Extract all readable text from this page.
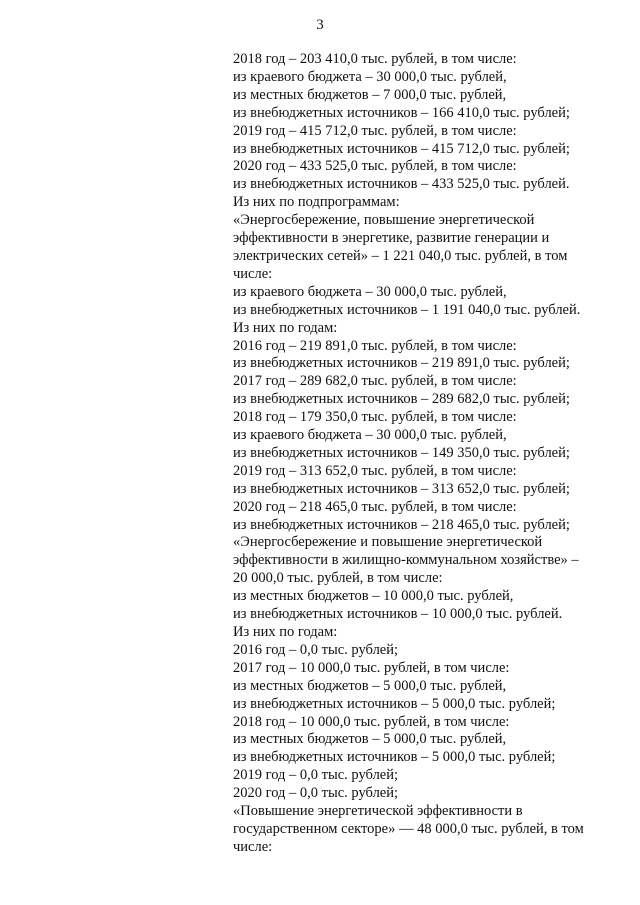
3
2018 год – 203 410,0 тыс. рублей, в том числе:
из краевого бюджета – 30 000,0 тыс. рублей,
из местных бюджетов – 7 000,0 тыс. рублей,
из внебюджетных источников – 166 410,0 тыс. рублей;
2019 год – 415 712,0 тыс. рублей, в том числе:
из внебюджетных источников – 415 712,0 тыс. рублей;
2020 год – 433 525,0 тыс. рублей, в том числе:
из внебюджетных источников – 433 525,0 тыс. рублей.
Из них по подпрограммам:
«Энергосбережение, повышение энергетической
эффективности в энергетике, развитие генерации и
электрических сетей» – 1 221 040,0 тыс. рублей, в том
числе:
из краевого бюджета – 30 000,0 тыс. рублей,
из внебюджетных источников – 1 191 040,0 тыс. рублей.
Из них по годам:
2016 год – 219 891,0 тыс. рублей, в том числе:
из внебюджетных источников – 219 891,0 тыс. рублей;
2017 год – 289 682,0 тыс. рублей, в том числе:
из внебюджетных источников – 289 682,0 тыс. рублей;
2018 год – 179 350,0 тыс. рублей, в том числе:
из краевого бюджета – 30 000,0 тыс. рублей,
из внебюджетных источников – 149 350,0 тыс. рублей;
2019 год – 313 652,0 тыс. рублей, в том числе:
из внебюджетных источников – 313 652,0 тыс. рублей;
2020 год – 218 465,0 тыс. рублей, в том числе:
из внебюджетных источников – 218 465,0 тыс. рублей;
«Энергосбережение и повышение энергетической
эффективности в жилищно-коммунальном хозяйстве» –
20 000,0 тыс. рублей, в том числе:
из местных бюджетов – 10 000,0 тыс. рублей,
из внебюджетных источников – 10 000,0 тыс. рублей.
Из них по годам:
2016 год – 0,0 тыс. рублей;
2017 год – 10 000,0 тыс. рублей, в том числе:
из местных бюджетов – 5 000,0 тыс. рублей,
из внебюджетных источников – 5 000,0 тыс. рублей;
2018 год – 10 000,0 тыс. рублей, в том числе:
из местных бюджетов – 5 000,0 тыс. рублей,
из внебюджетных источников – 5 000,0 тыс. рублей;
2019 год – 0,0 тыс. рублей;
2020 год – 0,0 тыс. рублей;
«Повышение энергетической эффективности в
государственном секторе» — 48 000,0 тыс. рублей, в том
числе:
